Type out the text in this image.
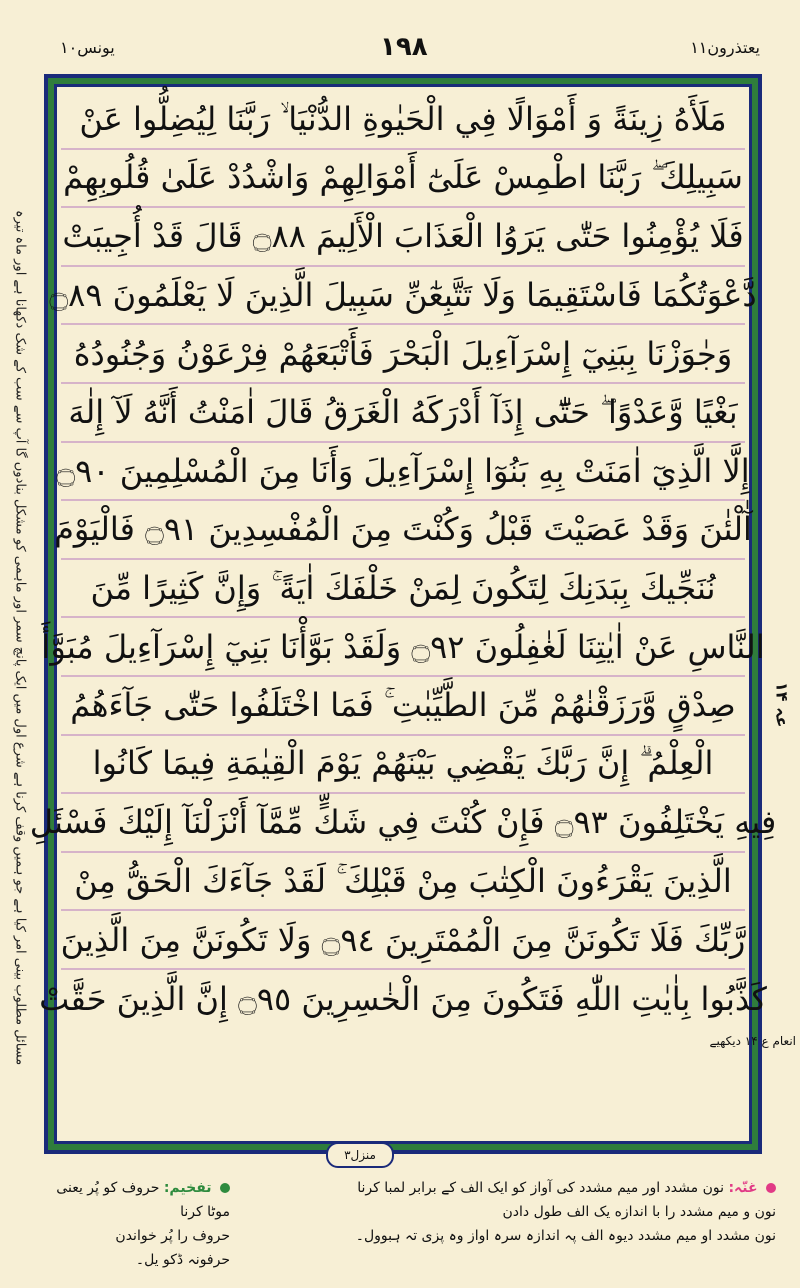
یونس۱۰	۱۹۸	یعتذرون۱۱
مسائل مطلوب بینی امر کیا ہے جو ہمیں وقف کرنا ہے شرع اول میں ایک پانچ سمر اور ماہمی کو مشکل بنادوں گا آپ سے سب کے شک دکھانا ہے اور ماہ تیرہ
مَلَأَهُ زِينَةً وَ أَمْوَالًا فِي الْحَيٰوةِ الدُّنْيَا ۙ رَبَّنَا لِيُضِلُّوا عَنْ
سَبِيلِكَ ۖ رَبَّنَا اطْمِسْ عَلَىٰٓ أَمْوَالِهِمْ وَاشْدُدْ عَلَىٰ قُلُوبِهِمْ
فَلَا يُؤْمِنُوا حَتّٰى يَرَوُا الْعَذَابَ الْأَلِيمَ ۝٨٨ قَالَ قَدْ أُجِيبَتْ
دَّعْوَتُكُمَا فَاسْتَقِيمَا وَلَا تَتَّبِعٰٓنِّ سَبِيلَ الَّذِينَ لَا يَعْلَمُونَ ۝٨٩
وَجٰوَزْنَا بِبَنِيٓ إِسْرَآءِيلَ الْبَحْرَ فَأَتْبَعَهُمْ فِرْعَوْنُ وَجُنُودُهُ
بَغْيًا وَّعَدْوًا ۖ حَتّٰٓى إِذَآ أَدْرَكَهُ الْغَرَقُ قَالَ اٰمَنْتُ أَنَّهُ لَآ إِلٰهَ
إِلَّا الَّذِيٓ اٰمَنَتْ بِهِ بَنُوٓا إِسْرَآءِيلَ وَأَنَا مِنَ الْمُسْلِمِينَ ۝٩٠
آٰلْئٰنَ وَقَدْ عَصَيْتَ قَبْلُ وَكُنْتَ مِنَ الْمُفْسِدِينَ ۝٩١ فَالْيَوْمَ
نُنَجِّيكَ بِبَدَنِكَ لِتَكُونَ لِمَنْ خَلْفَكَ اٰيَةً ۚ وَإِنَّ كَثِيرًا مِّنَ
النَّاسِ عَنْ اٰيٰتِنَا لَغٰفِلُونَ ۝٩٢ وَلَقَدْ بَوَّأْنَا بَنِيٓ إِسْرَآءِيلَ مُبَوَّأَ
صِدْقٍ وَّرَزَقْنٰهُمْ مِّنَ الطَّيِّبٰتِ ۚ فَمَا اخْتَلَفُوا حَتّٰى جَآءَهُمُ
الْعِلْمُ ۗ إِنَّ رَبَّكَ يَقْضِي بَيْنَهُمْ يَوْمَ الْقِيٰمَةِ فِيمَا كَانُوا
فِيهِ يَخْتَلِفُونَ ۝٩٣ فَإِنْ كُنْتَ فِي شَكٍّ مِّمَّآ أَنْزَلْنَآ إِلَيْكَ فَسْئَلِ
الَّذِينَ يَقْرَءُونَ الْكِتٰبَ مِنْ قَبْلِكَ ۚ لَقَدْ جَآءَكَ الْحَقُّ مِنْ
رَّبِّكَ فَلَا تَكُونَنَّ مِنَ الْمُمْتَرِينَ ۝٩٤ وَلَا تَكُونَنَّ مِنَ الَّذِينَ
كَذَّبُوا بِاٰيٰتِ اللّٰهِ فَتَكُونَ مِنَ الْخٰسِرِينَ ۝٩٥ إِنَّ الَّذِينَ حَقَّتْ
منزل۳
عہ ۱۴
انعام ع ۱۴ دیکھیے
غنّہ: نون مشدد اور میم مشدد کی آواز کو ایک الف کے برابر لمبا کرنا
نون و میم مشدد را با اندازه یک الف طول دادن
نون مشدد او میم مشدد دیوہ الف پہ اندازہ سرہ اواز وہ پزی تہ ہبوول۔
تفخیم: حروف کو پُر یعنی موٹا کرنا
حروف را پُر خواندن
حرفونہ ڈکو یل۔
